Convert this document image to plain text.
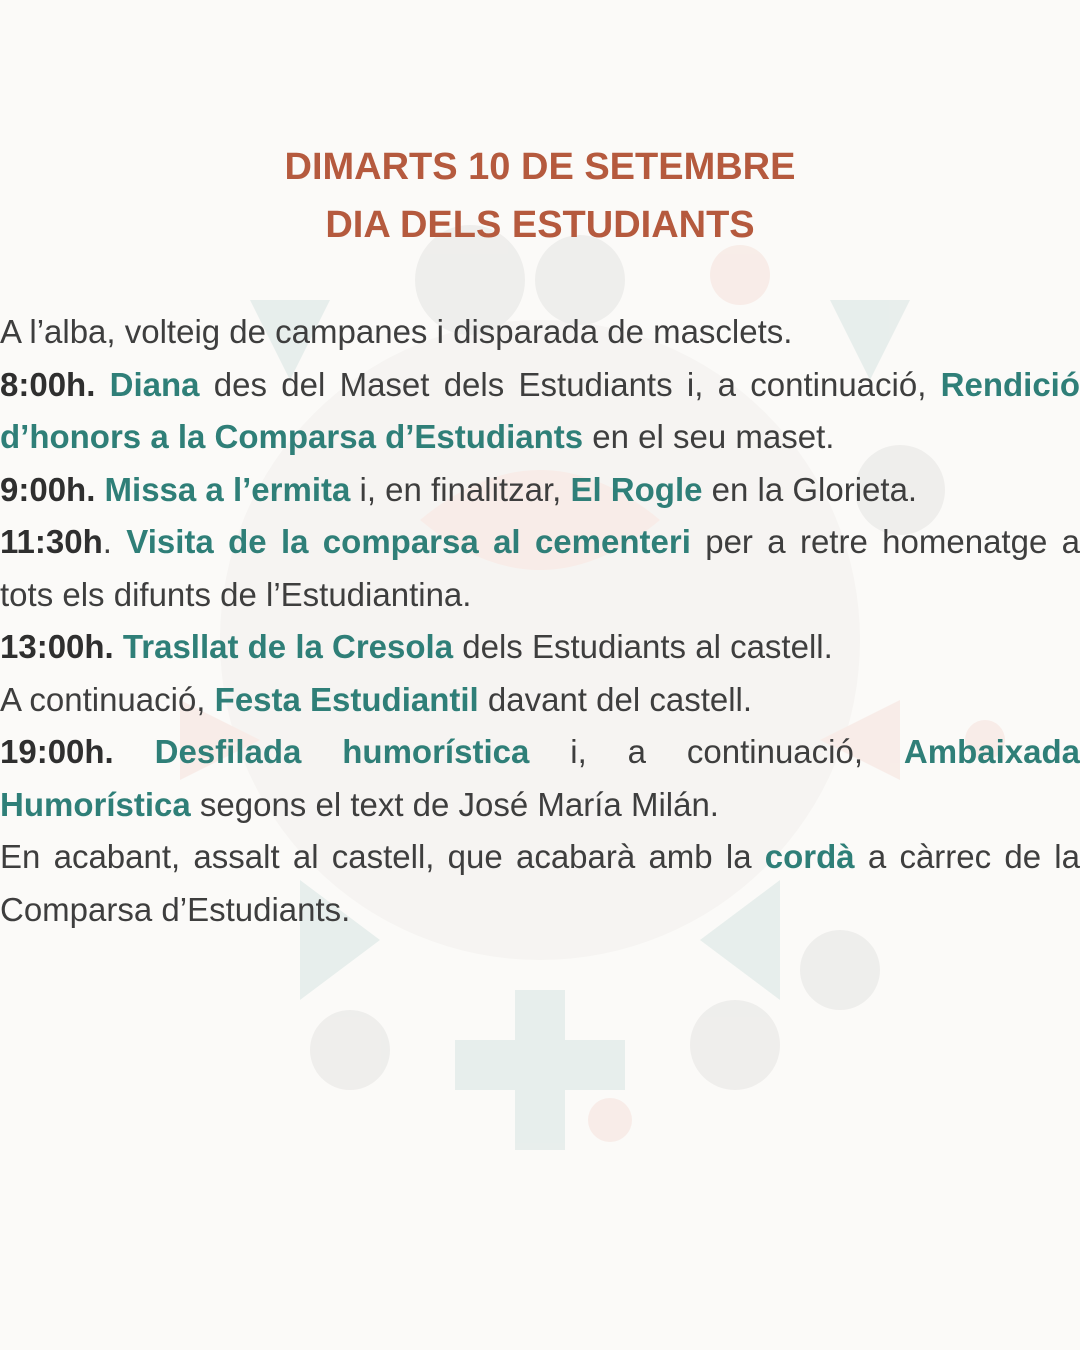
DIMARTS 10 DE SETEMBRE
DIA DELS ESTUDIANTS

A l’alba, volteig de campanes i disparada de masclets.

8:00h. Diana des del Maset dels Estudiants i, a continuació, Rendició d’honors a la Comparsa d’Estudiants en el seu maset.

9:00h. Missa a l’ermita i, en finalitzar, El Rogle en la Glorieta.

11:30h. Visita de la comparsa al cementeri per a retre homenatge a tots els difunts de l’Estudiantina.

13:00h. Trasllat de la Cresola dels Estudiants al castell.

A continuació, Festa Estudiantil davant del castell.

19:00h. Desfilada humorística i, a continuació, Ambaixada Humorística segons el text de José María Milán.

En acabant, assalt al castell, que acabarà amb la cordà a càrrec de la Comparsa d’Estudiants.
